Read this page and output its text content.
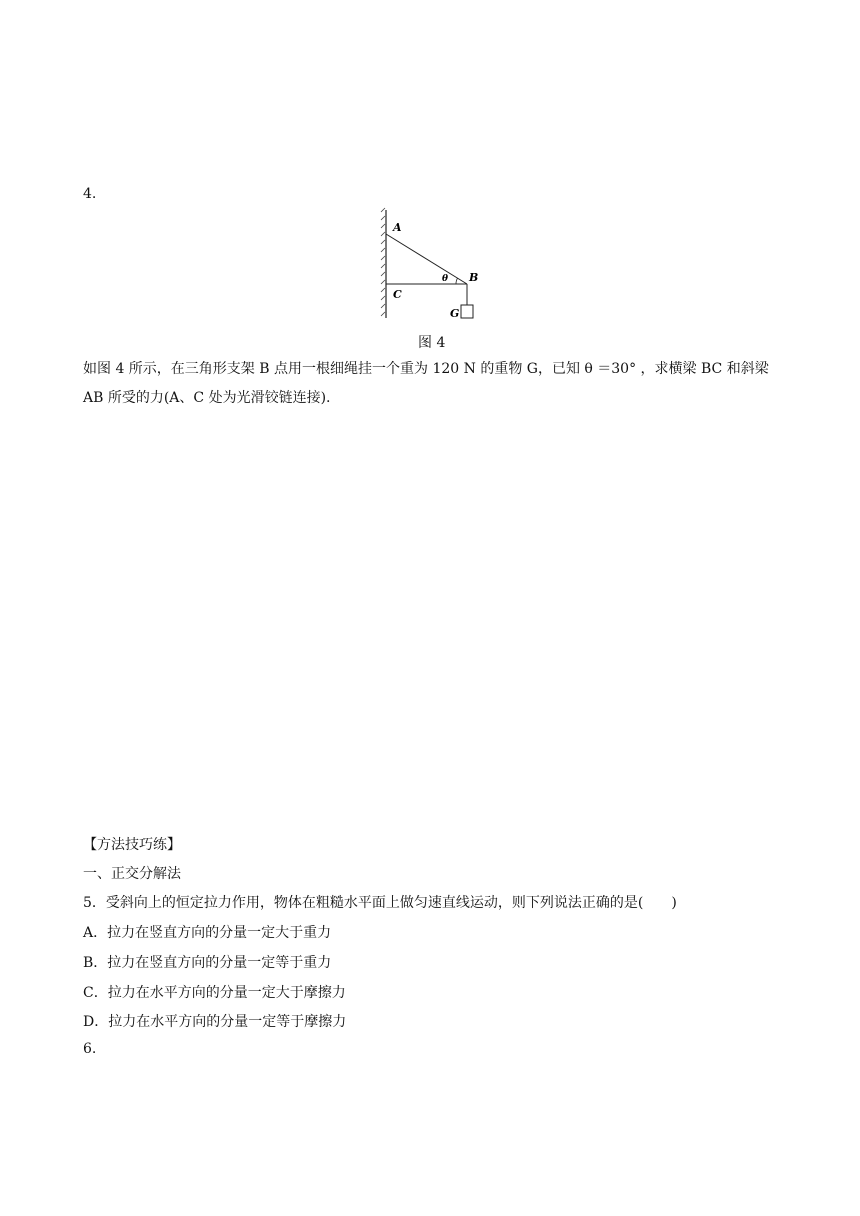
4.
A
B
C
G
θ
图 4
如图 4 所示，在三角形支架 B 点用一根细绳挂一个重为 120 N 的重物 G，已知 θ ＝30° ，求横梁 BC 和斜梁 AB 所受的力(A、C 处为光滑铰链连接).
【方法技巧练】
一、正交分解法
5．受斜向上的恒定拉力作用，物体在粗糙水平面上做匀速直线运动，则下列说法正确的是(　　)
A．拉力在竖直方向的分量一定大于重力
B．拉力在竖直方向的分量一定等于重力
C．拉力在水平方向的分量一定大于摩擦力
D．拉力在水平方向的分量一定等于摩擦力
6.
